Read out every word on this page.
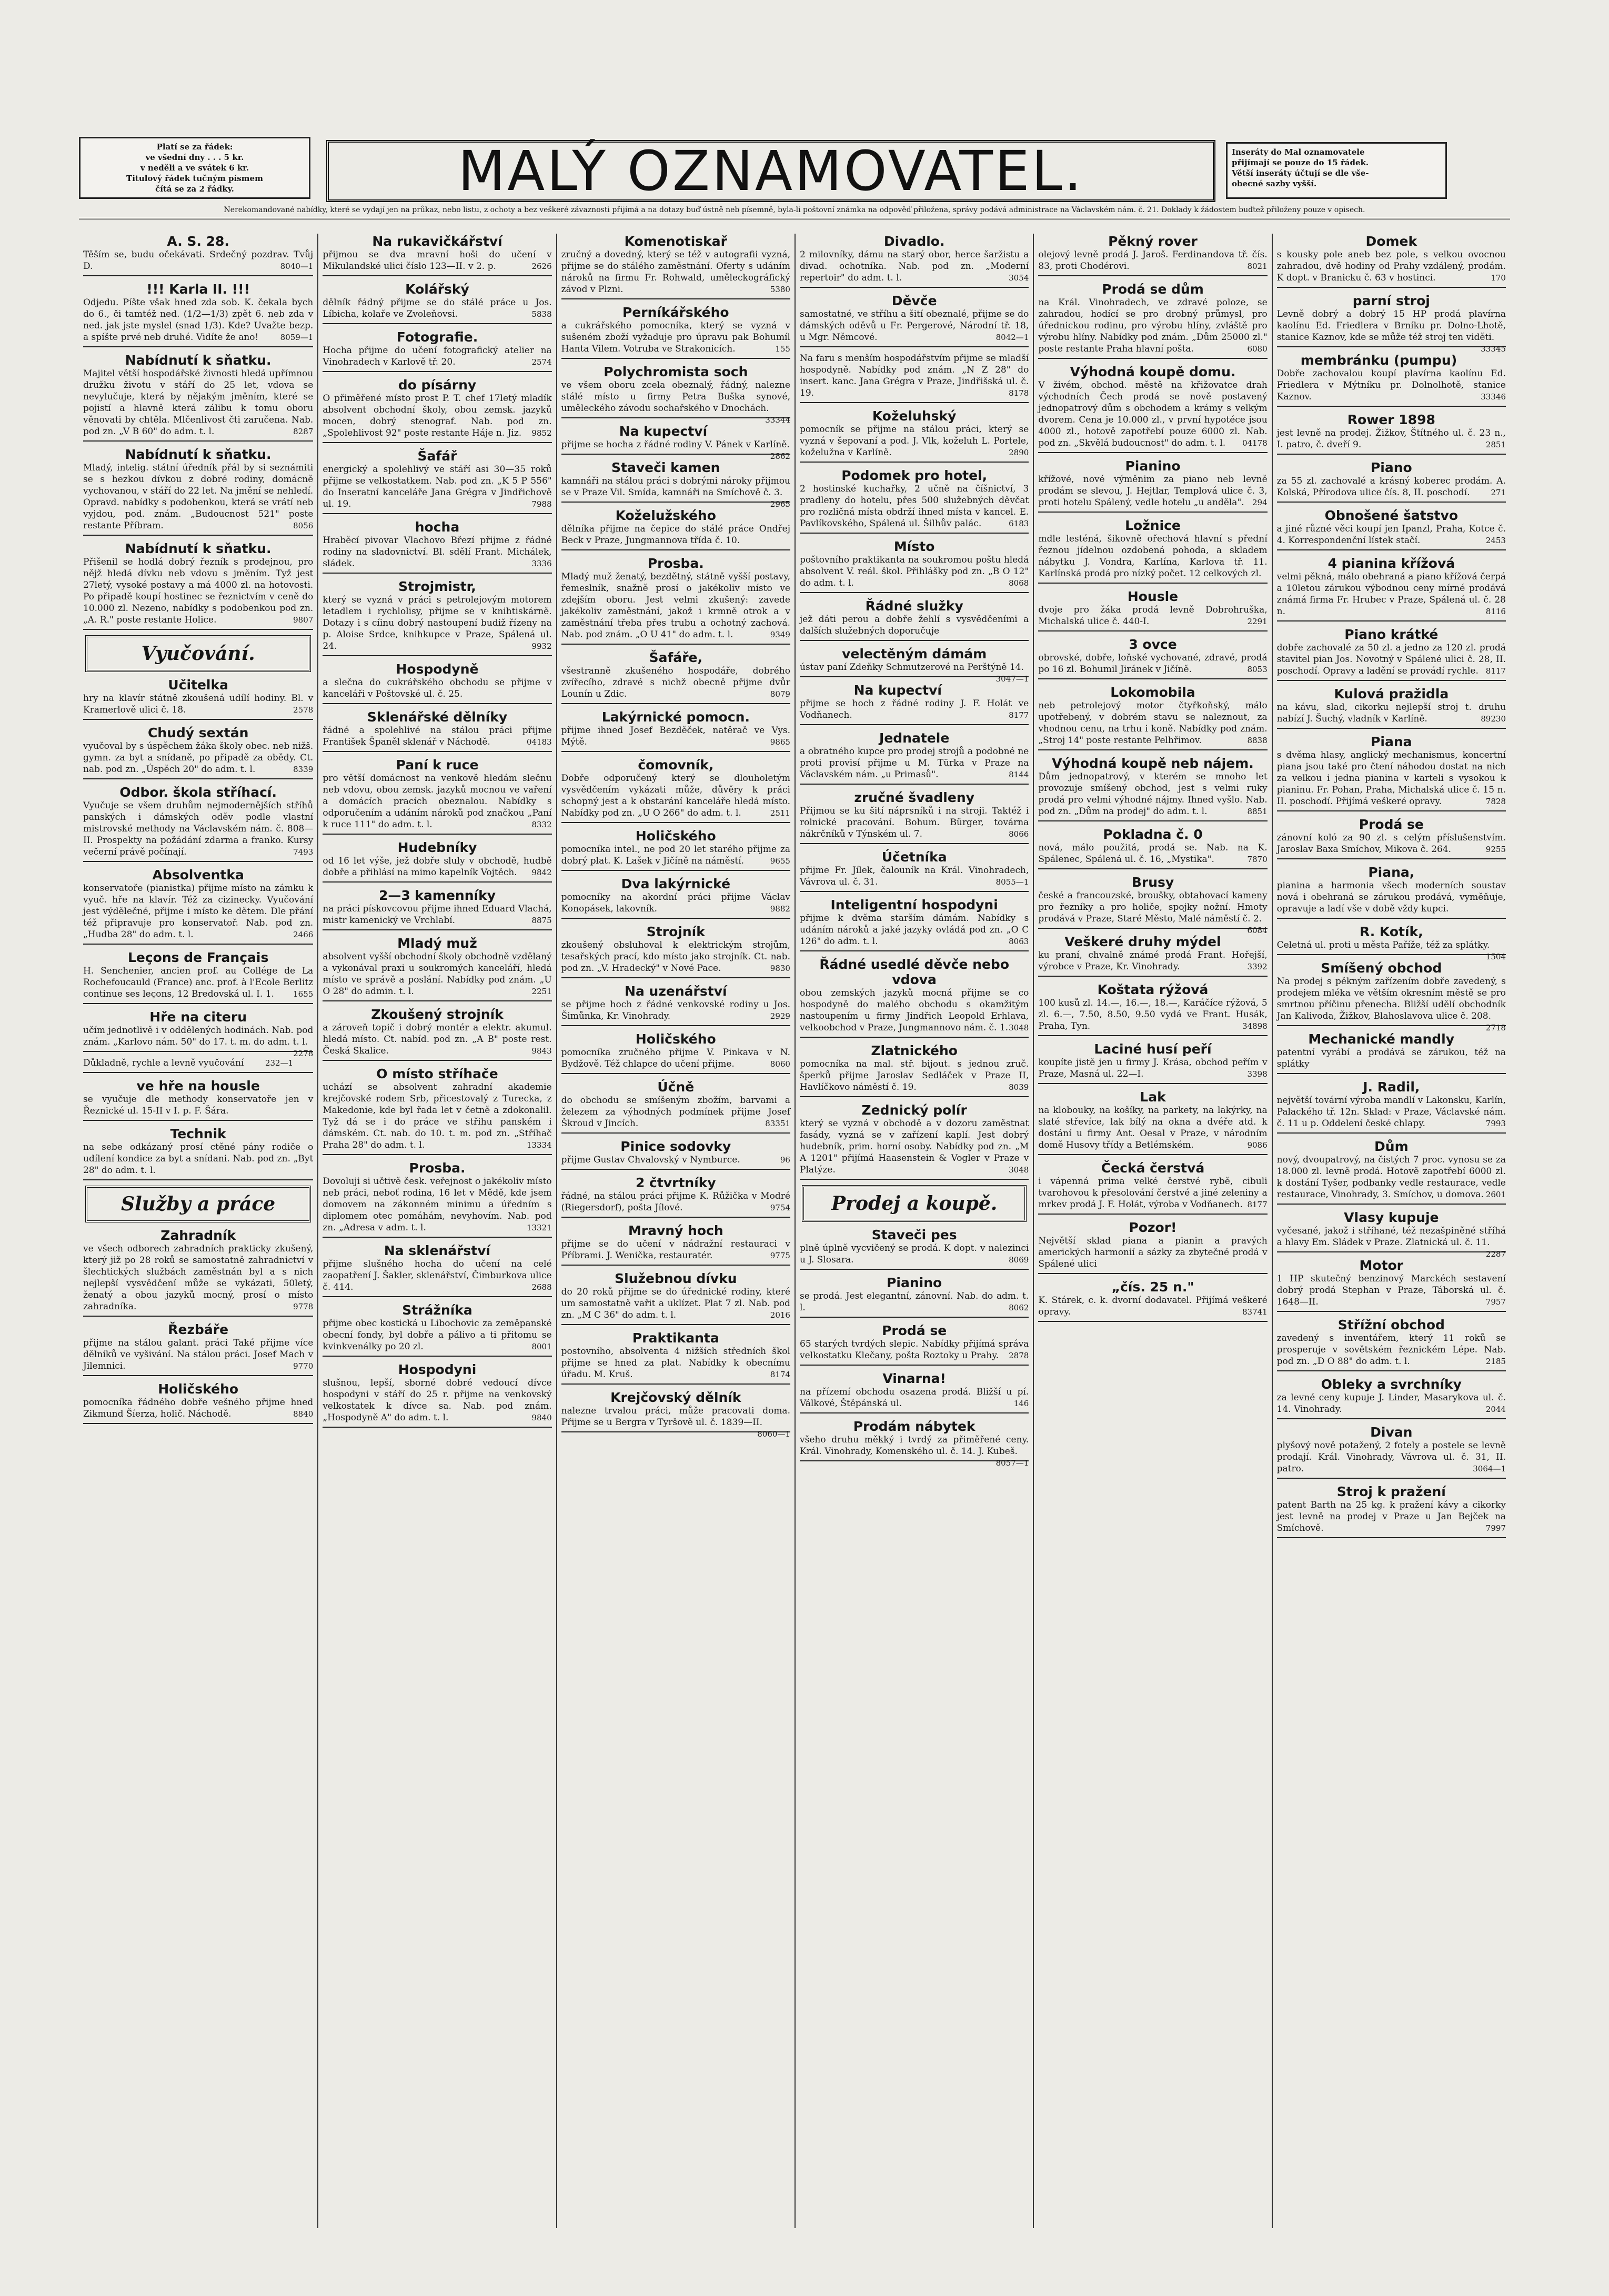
Platí se za řádek:
ve všední dny . . . 5 kr.
v neděli a ve svátek 6 kr.
Titulový řádek tučným písmem
čítá se za 2 řádky.	MALÝ OZNAMOVATEL.	Inseráty do Mal oznamovatele
přijímají se pouze do 15 řádek.
Větší inseráty účtují se dle vše-
obecné sazby vyšší.
Nerekomandované nabídky, které se vydají jen na průkaz, nebo listu, z ochoty a bez veškeré závaznosti přijímá a na dotazy buď ústně neb písemně, byla-li poštovní známka na odpověď přiložena, správy podává administrace na Václavském nám. č. 21. Doklady k žádostem buďtež přiloženy pouze v opisech.
A. S. 28.

Těším se, budu očekávati. Srdečný pozdrav. Tvůj D.	8040—1

!!! Karla II. !!!

Odjedu. Píšte však hned zda sob. K. čekala bych do 6., či tamtéž ned. (1/2—1/3) zpět 6. neb zda v ned. jak jste myslel (snad 1/3). Kde? Uvažte bezp. a spíšte prvé neb druhé. Vidíte že ano!	8059—1

Nabídnutí k sňatku.

Majitel větší hospodářské živnosti hledá upřímnou družku životu v stáří do 25 let, vdova se nevylučuje, která by nějakým jměním, které se pojistí a hlavně která zálibu k tomu oboru věnovati by chtěla. Mlčenlivost čti zaručena. Nab. pod zn. „V B 60" do adm. t. l.	8287

Nabídnutí k sňatku.

Mladý, intelig. státní úředník přál by si seznámiti se s hezkou dívkou z dobré rodiny, domácně vychovanou, v stáří do 22 let. Na jmění se nehledí. Opravd. nabídky s podobenkou, která se vrátí neb vyjdou, pod. znám. „Budoucnost 521" poste restante Příbram.	8056

Nabídnutí k sňatku.

Přišenil se hodlá dobrý řezník s prodejnou, pro nějž hledá dívku neb vdovu s jměním. Tyž jest 27letý, vysoké postavy a má 4000 zl. na hotovosti. Po připadě koupí hostinec se řeznictvím v ceně do 10.000 zl. Nezeno, nabídky s podobenkou pod zn. „A. R." poste restante Holice.	9807

Vyučování.
Učitelka

hry na klavír státně zkoušená udílí hodiny. Bl. v Kramerlově ulici č. 18.	2578

Chudý sextán

vyučoval by s úspěchem žáka školy obec. neb nižš. gymn. za byt a snídaně, po připadě za obědy. Ct. nab. pod zn. „Úspěch 20" do adm. t. l.	8339

Odbor. škola stříhací.

Vyučuje se všem druhům nejmodernějších stříhů panských i dámských oděv podle vlastní mistrovské methody na Václavském nám. č. 808—II. Prospekty na požádání zdarma a franko. Kursy večerní právě počínají.	7493

Absolventka

konservatoře (pianistka) přijme místo na zámku k vyuč. hře na klavír. Též za cizinecky. Vyučování jest výdělečné, přijme i místo ke dětem. Dle přání též připravuje pro konservatoř. Nab. pod zn. „Hudba 28" do adm. t. l.	2466

Leçons de Français

H. Senchenier, ancien prof. au Collége de La Rochefoucauld (France) anc. prof. à l'Ecole Berlitz continue ses leçons, 12 Bredovská ul. I. 1. 1655

Hře na citeru

učím jednotlivě i v oddělených hodinách. Nab. pod znám. „Karlovo nám. 50" do 17. t. m. do adm. t. l.
2278

Důkladně, rychle a levně vyučování	232—1

ve hře na housle

se vyučuje dle methody konservatoře jen v Řeznické ul. 15-II v I. p. F. Šára.

Technik

na sebe odkázaný prosí ctěné pány rodiče o udílení kondice za byt a snídani. Nab. pod zn. „Byt 28" do adm. t. l.

Služby a práce
Zahradník

ve všech odborech zahradních prakticky zkušený, který již po 28 roků se samostatně zahradnictví v šlechtických službách zaměstnán byl a s nich nejlepší vysvědčení může se vykázati, 50letý, ženatý a obou jazyků mocný, prosí o místo zahradníka.	9778

Řezbáře

přijme na stálou galant. práci Také přijme více dělníků ve vyšivání. Na stálou práci. Josef Mach v Jilemnici.	9770

Holičského

pomocníka řádného dobře vešného přijme hned Zikmund Šíerza, holič. Náchodě.	8840

Na rukavičkářství

přijmou se dva mravní hoši do učení v Mikulandské ulici číslo 123—II. v 2. p.	2626

Kolářský

dělník řádný přijme se do stálé práce u Jos. Líbicha, kolaře ve Zvoleňovsi.	5838

Fotografie.

Hocha přijme do učení fotografický atelier na Vinohradech v Karlově tř. 20.	2574

do písárny

O přiměřené místo prost P. T. chef 17letý mladík absolvent obchodní školy, obou zemsk. jazyků mocen, dobrý stenograf. Nab. pod zn. „Spolehlivost 92" poste restante Háje n. Jiz. 9852

Šafář

energický a spolehlivý ve stáří asi 30—35 roků přijme se velkostatkem. Nab. pod zn. „K 5 P 556" do Inseratní kanceláře Jana Grégra v Jindřichově ul. 19.	7988

hocha

Hraběcí pivovar Vlachovo Březí přijme z řádné rodiny na sladovnictví. Bl. sdělí Frant. Michálek, sládek.	3336

Strojmistr,

který se vyzná v práci s petrolejovým motorem letadlem i rychlolisy, přijme se v knihtiskárně. Dotazy i s cíinu dobrý nastoupení budiž řízeny na p. Aloise Srdce, knihkupce v Praze, Spálená ul. 24.	9932

Hospodyně

a slečna do cukrářského obchodu se přijme v kanceláři v Poštovské ul. č. 25.

Sklenářské dělníky

řádné a spolehlivé na stálou práci přijme František Španěl sklenář v Náchodě.	04183

Paní k ruce

pro větší domácnost na venkově hledám slečnu neb vdovu, obou zemsk. jazyků mocnou ve vaření a domácích pracích obeznalou. Nabídky s odporučením a udáním nároků pod značkou „Paní k ruce 111" do adm. t. l.	8332

Hudebníky

od 16 let výše, jež dobře sluly v obchodě, hudbě dobře a přihlásí na mimo kapelník Vojtěch. 9842

2—3 kamenníky

na práci pískovcovou přijme ihned Eduard Vlachá, mistr kamenický ve Vrchlabí.	8875

Mladý muž

absolvent vyšší obchodní školy obchodně vzdělaný a vykonával praxi u soukromých kanceláří, hledá místo ve správě a poslání. Nabídky pod znám. „U O 28" do admin. t. l.	2251

Zkoušený strojník

a zároveň topič i dobrý montér a elektr. akumul. hledá místo. Ct. nabíd. pod zn. „A B" poste rest. Česká Skalice.	9843

O místo stříhače

uchází se absolvent zahradní akademie krejčovské rodem Srb, přicestovalý z Turecka, z Makedonie, kde byl řada let v četně a zdokonalil. Tyž dá se i do práce ve střihu panském i dámském. Ct. nab. do 10. t. m. pod zn. „Stříhač Praha 28" do adm. t. l.	13334

Prosba.

Dovoluji si učtivě česk. veřejnost o jakékoliv místo neb práci, neboť rodina, 16 let v Mědě, kde jsem domovem na zákonném minimu a úředním s diplomem otec pomáhám, nevyhovím. Nab. pod zn. „Adresa v adm. t. l.	13321

Na sklenářství

přijme slušného hocha do učení na celé zaopatření J. Šakler, sklenářství, Čimburkova ulice č. 414.	2688

Strážníka

přijme obec kostická u Libochovic za zeměpanské obecní fondy, byl dobře a pálivo a ti přitomu se kvinkvenálky po 20 zl.	8001

Hospodyni

slušnou, lepší, sborné dobré vedoucí dívce hospodyni v stáří do 25 r. přijme na venkovský velkostatek k dívce sa. Nab. pod znám. „Hospodyně A" do adm. t. l.	9840

Komenotiskař

zručný a dovedný, který se též v autografii vyzná, přijme se do stálého zaměstnání. Oferty s udáním nároků na firmu Fr. Rohwald, uměleckográfický závod v Plzni.	5380

Perníkářského

a cukrářského pomocníka, který se vyzná v sušeném zboží vyžaduje pro úpravu pak Bohumíl Hanta Vilem. Votruba ve Strakonicích.	155

Polychromista soch

ve všem oboru zcela obeznalý, řádný, nalezne stálé místo u firmy Petra Buška synové, uměleckého závodu sochařského v Dnochách.
33344

Na kupectví

přijme se hocha z řádné rodiny V. Pánek v Karlíně.
2862

Staveči kamen

kamnáři na stálou práci s dobrými nároky přijmou se v Praze Vil. Smída, kamnáři na Smíchově č. 3.
2965

Koželužského

dělníka přijme na čepice do stálé práce Ondřej Beck v Praze, Jungmannova třída č. 10.

Prosba.

Mladý muž ženatý, bezdětný, státně vyšší postavy, řemeslník, snažně prosí o jakékoliv místo ve zdejším oboru. Jest velmi zkušený: zavede jakékoliv zaměstnání, jakož i krmně otrok a v zaměstnání třeba přes trubu a ochotný zachová. Nab. pod znám. „O U 41" do adm. t. l.	9349

Šafáře,

všestranně zkušeného hospodáře, dobrého zvířecího, zdravé s nichž obecně přijme dvůr Lounín u Zdic.	8079

Lakýrnické pomocn.

přijme ihned Josef Bezděček, natěrač ve Vys. Mýtě.	9865

čomovník,

Dobře odporučený který se dlouholetým vysvědčením vykázati může, důvěry k práci schopný jest a k obstarání kanceláře hledá místo. Nabídky pod zn. „U O 266" do adm. t. l.	2511

Holičského

pomocníka intel., ne pod 20 let starého přijme za dobrý plat. K. Lašek v Jičíně na náměstí.	9655

Dva lakýrnické

pomocníky na akordní práci přijme Václav Konopásek, lakovník.	9882

Strojník

zkoušený obsluhoval k elektrickým strojům, tesařských prací, kdo místo jako strojník. Ct. nab. pod zn. „V. Hradecký" v Nové Pace.	9830

Na uzenářství

se přijme hoch z řádné venkovské rodiny u Jos. Šimůnka, Kr. Vinohrady.	2929

Holičského

pomocníka zručného přijme V. Pinkava v N. Bydžově. Též chlapce do učení přijme.	8060

Účně

do obchodu se smíšeným zbožím, barvami a železem za výhodných podmínek přijme Josef Škroud v Jincích.	83351

Pinice sodovky

přijme Gustav Chvalovský v Nymburce.	96

2 čtvrtníky

řádné, na stálou práci přijme K. Růžička v Modré (Riegersdorf), pošta Jílové.	9754

Mravný hoch

přijme se do učení v nádražní restauraci v Příbrami. J. Wenička, restauratér.	9775

Služebnou dívku

do 20 roků přijme se do úřednické rodiny, které um samostatně vařit a uklízet. Plat 7 zl. Nab. pod zn. „M C 36" do adm. t. l.	2016

Praktikanta

postovního, absolventa 4 nižších středních škol přijme se hned za plat. Nabídky k obecnímu úřadu. M. Kruš.	8174

Krejčovský dělník

nalezne trvalou práci, může pracovati doma. Přijme se u Bergra v Tyršově ul. č. 1839—II.
8060—1

Divadlo.

2 milovníky, dámu na starý obor, herce šaržistu a divad. ochotníka. Nab. pod zn. „Moderní repertoir" do adm. t. l.	3054

Děvče

samostatné, ve stříhu a šití obeznalé, přijme se do dámských oděvů u Fr. Pergerové, Národní tř. 18, u Mgr. Němcové.	8042—1

Na faru s menším hospodářstvím přijme se mladší hospodyně. Nabídky pod znám. „N Z 28" do insert. kanc. Jana Grégra v Praze, Jindřišská ul. č. 19.	8178

Koželuhský

pomocník se přijme na stálou práci, který se vyzná v šepovaní a pod. J. Vlk, koželuh L. Portele, koželužna v Karlíně.	2890

Podomek pro hotel,

2 hostinské kuchařky, 2 učně na číšnictví, 3 pradleny do hotelu, přes 500 služebných děvčat pro rozličná místa obdrží ihned místa v kancel. E. Pavlíkovského, Spálená ul. Šilhův palác.	6183

Místo

poštovního praktikanta na soukromou poštu hledá absolvent V. reál. škol. Přihlášky pod zn. „B O 12" do adm. t. l.	8068

Řádné služky

jež dáti perou a dobře žehlí s vysvědčeními a dalších služebných doporučuje

velectěným dámám

ústav paní Zdeňky Schmutzerové na Perštýně 14.
3047—1

Na kupectví

přijme se hoch z řádné rodiny J. F. Holát ve Vodňanech.	8177

Jednatele

a obratného kupce pro prodej strojů a podobné ne proti provisí přijme u M. Türka v Praze na Václavském nám. „u Primasů".	8144

zručné švadleny

Přijmou se ku šití náprsníků i na stroji. Taktéž i rolnické pracování. Bohum. Bürger, továrna nákrčníků v Týnském ul. 7.	8066

Účetníka

přijme Fr. Jílek, čalouník na Král. Vinohradech, Vávrova ul. č. 31.	8055—1

Inteligentní hospodyni

přijme k dvěma starším dámám. Nabídky s udáním nároků a jaké jazyky ovládá pod zn. „O C 126" do adm. t. l.	8063

Řádné usedlé děvče nebo vdova

obou zemských jazyků mocná přijme se co hospodyně do malého obchodu s okamžitým nastoupením u firmy Jindřich Leopold Erhlava, velkoobchod v Praze, Jungmannovo nám. č. 1. 3048

Zlatnického

pomocníka na mal. stř. bijout. s jednou zruč. šperků přijme Jaroslav Sedláček v Praze II, Havlíčkovo náměstí č. 19.	8039

Zednický polír

který se vyzná v obchodě a v dozoru zaměstnat fasády, vyzná se v zařízení kaplí. Jest dobrý hudebník, prim. horní osoby. Nabídky pod zn. „M A 1201" přijímá Haasenstein & Vogler v Praze v Platýze.	3048

Prodej a koupě.
Staveči pes

plně úplně vycvičený se prodá. K dopt. v nalezinci u J. Slosara.	8069

Pianino

se prodá. Jest elegantní, zánovní. Nab. do adm. t. l.	8062

Prodá se

65 starých tvrdých slepic. Nabídky přijímá správa velkostatku Klečany, pošta Roztoky u Prahy. 2878

Vinarna!

na přízemí obchodu osazena prodá. Bližší u pí. Válkové, Štěpánská ul.	146

Prodám nábytek

všeho druhu měkký i tvrdý za přiměřené ceny. Král. Vinohrady, Komenského ul. č. 14. J. Kubeš.
8057—1

Pěkný rover

olejový levně prodá J. Jaroš. Ferdinandova tř. čís. 83, proti Chodérovi.	8021

Prodá se dům

na Král. Vinohradech, ve zdravé poloze, se zahradou, hodící se pro drobný průmysl, pro úřednickou rodinu, pro výrobu hlíny, zvláště pro výrobu hlíny. Nabídky pod znám. „Dům 25000 zl." poste restante Praha hlavní pošta.	6080

Výhodná koupě domu.

V živém, obchod. městě na křižovatce drah východních Čech prodá se nově postavený jednopatrový dům s obchodem a krámy s velkým dvorem. Cena je 10.000 zl., v první hypotéce jsou 4000 zl., hotově zapotřebí pouze 6000 zl. Nab. pod zn. „Skvělá budoucnost" do adm. t. l. 04178

Pianino

křížové, nové výměnim za piano neb levně prodám se slevou, J. Hejtlar, Templová ulice č. 3, proti hotelu Spálený, vedle hotelu „u anděla". 294

Ložnice

mdle lesténá, šikovně ořechová hlavní s přední řeznou jídelnou ozdobená pohoda, a skladem nábytku J. Vondra, Karlína, Karlova tř. 11. Karlínská prodá pro nízký počet. 12 celkových zl.

Housle

dvoje pro žáka prodá levně Dobrohruška, Michalská ulice č. 440-I.	2291

3 ovce

obrovské, dobře, loňské vychované, zdravé, prodá po 16 zl. Bohumil Jiránek v Jičíně.	8053

Lokomobila

neb petrolejový motor čtyřkoňský, málo upotřebený, v dobrém stavu se naleznout, za vhodnou cenu, na trhu i koně. Nabídky pod znám. „Stroj 14" poste restante Pelhřimov.	8838

Výhodná koupě neb nájem.

Dům jednopatrový, v kterém se mnoho let provozuje smíšený obchod, jest s velmi ruky prodá pro velmi výhodné nájmy. Ihned vyšlo. Nab. pod zn. „Dům na prodej" do adm. t. l.	8851

Pokladna č. 0

nová, málo použitá, prodá se. Nab. na K. Spálenec, Spálená ul. č. 16, „Mystika".	7870

Brusy

české a francouzské, broušky, obtahovací kameny pro řezníky a pro holiče, spojky nožní. Hmoty prodává v Praze, Staré Město, Malé náměstí č. 2.
6084

Veškeré druhy mýdel

ku praní, chvalně známé prodá Frant. Hořejší, výrobce v Praze, Kr. Vinohrady.	3392

Koštata rýžová

100 kusů zl. 14.—, 16.—, 18.—, Karáčíce rýžová, 5 zl. 6.—, 7.50, 8.50, 9.50 vydá ve Frant. Husák, Praha, Tyn.	34898

Laciné husí peří

koupíte jistě jen u firmy J. Krása, obchod peřím v Praze, Masná ul. 22—I.	3398

Lak

na klobouky, na košíky, na parkety, na lakýrky, na slaté střevíce, lak bílý na okna a dvéře atd. k dostání u firmy Ant. Oesal v Praze, v národním domě Husovy třídy a Betlémském.	9086

Čecká čerstvá

i vápenná prima velké čerstvé rybě, cibuli tvarohovou k přesolování čerstvé a jiné zeleniny a mrkev prodá J. F. Holát, výroba v Vodňanech. 8177

Pozor!

Největší sklad piana a pianin a pravých amerických harmonií a sázky za zbytečné prodá v Spálené ulici

„čís. 25 n."

K. Stárek, c. k. dvorní dodavatel. Přijímá veškeré opravy.	83741

Domek

s kousky pole aneb bez pole, s velkou ovocnou zahradou, dvě hodiny od Prahy vzdálený, prodám. K dopt. v Branicku č. 63 v hostinci.	170

parní stroj

Levně dobrý a dobrý 15 HP prodá plavírna kaolínu Ed. Friedlera v Brníku pr. Dolno-Lhotě, stanice Kaznov, kde se může též stroj ten viděti.
33345

membránku (pumpu)

Dobře zachovalou koupí plavírna kaolínu Ed. Friedlera v Mýtníku pr. Dolnolhotě, stanice Kaznov.	33346

Rower 1898

jest levně na prodej. Žižkov, Štítného ul. č. 23 n., I. patro, č. dveří 9.	2851

Piano

za 55 zl. zachovalé a krásný koberec prodám. A. Kolská, Přírodova ulice čís. 8, II. poschodí.	271

Obnošené šatstvo

a jiné různé věci koupí jen Ipanzl, Praha, Kotce č. 4. Korrespondenční lístek stačí.	2453

4 pianina křížová

velmi pěkná, málo obehraná a piano křížová čerpá a 10letou zárukou výbodnou ceny mírné prodává známá firma Fr. Hrubec v Praze, Spálená ul. č. 28 n.	8116

Piano krátké

dobře zachovalé za 50 zl. a jedno za 120 zl. prodá stavitel pian Jos. Novotný v Spálené ulici č. 28, II. poschodí. Opravy a ladění se provádí rychle. 8117

Kulová pražidla

na kávu, slad, cikorku nejlepší stroj t. druhu nabízí J. Šuchý, vladník v Karlíně.	89230

Piana

s dvěma hlasy, anglický mechanismus, koncertní piana jsou také pro čtení náhodou dostat na nich za velkou i jedna pianina v karteli s vysokou k pianinu. Fr. Pohan, Praha, Michalská ulice č. 15 n. II. poschodí. Přijímá veškeré opravy.	7828

Prodá se

zánovní koló za 90 zl. s celým příslušenstvím. Jaroslav Baxa Smíchov, Mikova č. 264.	9255

Piana,

pianina a harmonia všech moderních soustav nová i obehraná se zárukou prodává, vyměňuje, opravuje a ladí vše v době vždy kupci.

R. Kotík,

Celetná ul. proti u města Paříže, též za splátky.
1504

Smíšený obchod

Na prodej s pěkným zařízením dobře zavedený, s prodejem mléka ve větším okresním městě se pro smrtnou příčinu přenecha. Bližší udělí obchodník Jan Kalivoda, Žižkov, Blahoslavova ulice č. 208.
2718

Mechanické mandly

patentní vyrábí a prodává se zárukou, též na splátky

J. Radil,

největší tovární výroba mandlí v Lakonsku, Karlín, Palackého tř. 12n. Sklad: v Praze, Václavské nám. č. 11 u p. Oddelení české chlapy.	7993

Dům

nový, dvoupatrový, na čistých 7 proc. vynosu se za 18.000 zl. levně prodá. Hotově zapotřebí 6000 zl. k dostání Tyšer, podbanky vedle restaurace, vedle restaurace, Vinohrady, 3. Smíchov, u domova. 2601

Vlasy kupuje

vyčesané, jakož i stříhané, též nezašpiněné stříhá a hlavy Em. Sládek v Praze. Zlatnická ul. č. 11.
2287

Motor

1 HP skutečný benzinový Marckéch sestavení dobrý prodá Stephan v Praze, Táborská ul. č. 1648—II.	7957

Střížní obchod

zavedený s inventářem, který 11 roků se prosperuje v sovětském řeznickém Lépe. Nab. pod zn. „D O 88" do adm. t. l.	2185

Obleky a svrchníky

za levné ceny kupuje J. Linder, Masarykova ul. č. 14. Vinohrady.	2044

Divan

plyšový nově potažený, 2 fotely a postele se levně prodají. Král. Vinohrady, Vávrova ul. č. 31, II. patro.	3064—1

Stroj k pražení

patent Barth na 25 kg. k pražení kávy a cikorky jest levně na prodej v Praze u Jan Bejček na Smíchově.	7997
